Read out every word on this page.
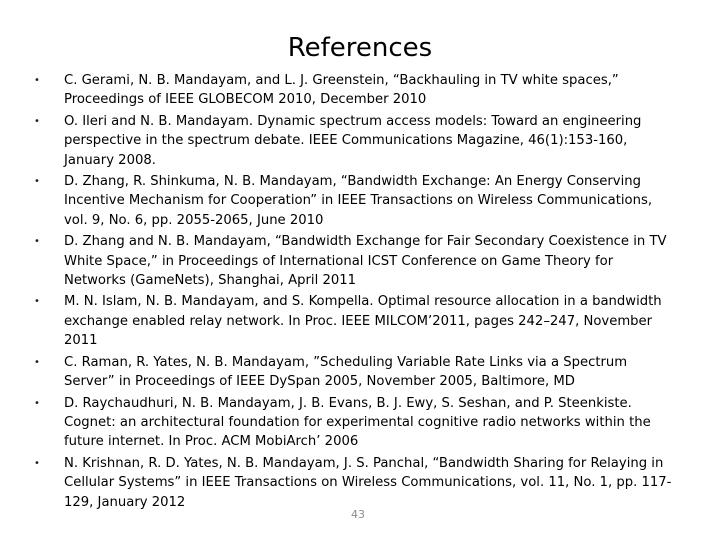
References
• C. Gerami, N. B. Mandayam, and L. J. Greenstein, “Backhauling in TV white spaces,” Proceedings of IEEE GLOBECOM 2010, December 2010
• O. Ileri and N. B. Mandayam. Dynamic spectrum access models: Toward an engineering perspective in the spectrum debate. IEEE Communications Magazine, 46(1):153-160, January 2008.
• D. Zhang, R. Shinkuma, N. B. Mandayam, “Bandwidth Exchange: An Energy Conserving Incentive Mechanism for Cooperation” in IEEE Transactions on Wireless Communications, vol. 9, No. 6, pp. 2055-2065, June 2010
• D. Zhang and N. B. Mandayam, “Bandwidth Exchange for Fair Secondary Coexistence in TV White Space,” in Proceedings of International ICST Conference on Game Theory for Networks (GameNets), Shanghai, April 2011
• M. N. Islam, N. B. Mandayam, and S. Kompella. Optimal resource allocation in a bandwidth exchange enabled relay network. In Proc. IEEE MILCOM’2011, pages 242–247, November 2011
• C. Raman, R. Yates, N. B. Mandayam, ”Scheduling Variable Rate Links via a Spectrum Server” in Proceedings of IEEE DySpan 2005, November 2005, Baltimore, MD
• D. Raychaudhuri, N. B. Mandayam, J. B. Evans, B. J. Ewy, S. Seshan, and P. Steenkiste. Cognet: an architectural foundation for experimental cognitive radio networks within the future internet. In Proc. ACM MobiArch’ 2006
• N. Krishnan, R. D. Yates, N. B. Mandayam, J. S. Panchal, “Bandwidth Sharing for Relaying in Cellular Systems” in IEEE Transactions on Wireless Communications, vol. 11, No. 1, pp. 117-129, January 2012
43
